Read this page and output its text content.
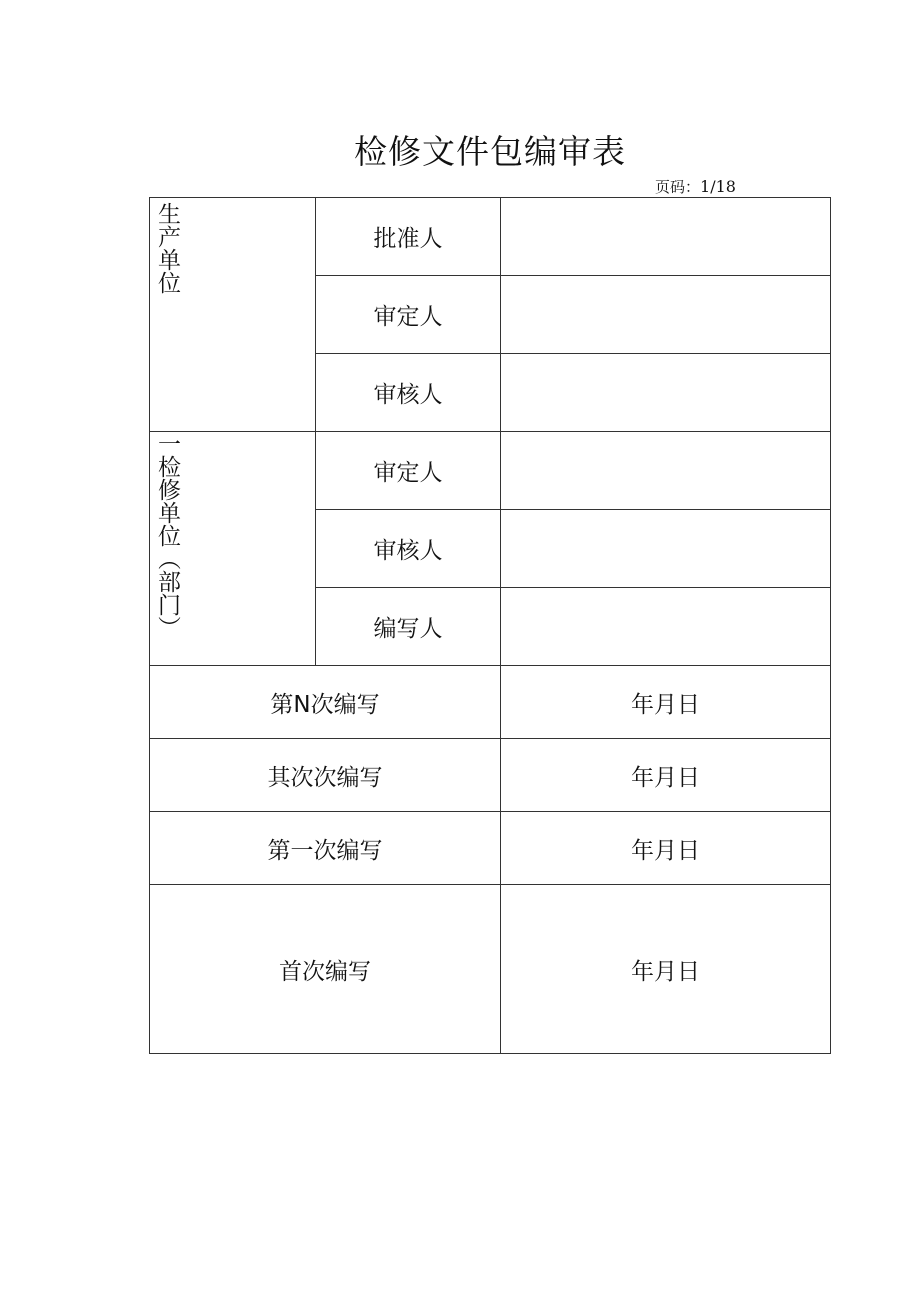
检修文件包编审表
页码：1/18
生产单位	批准人	
	审定人	
	审核人	

一检修单位（部门）	审定人	
	审核人	
	编写人	
第N次编写		年月日
其次次编写		年月日
第一次编写		年月日
首次编写		年月日
